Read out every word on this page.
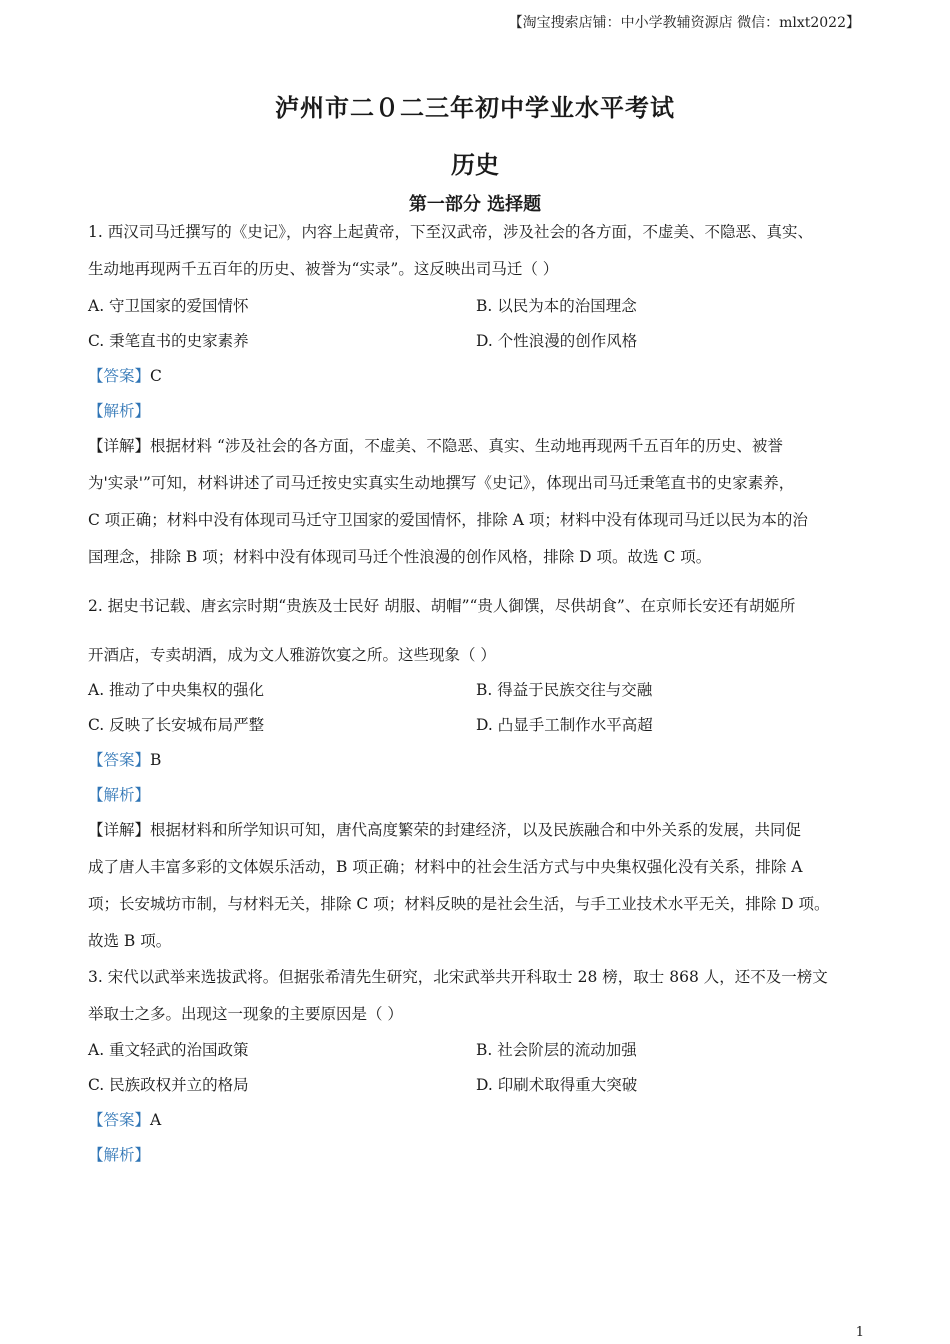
【淘宝搜索店铺：中小学教辅资源店 微信：mlxt2022】
泸州市二０二三年初中学业水平考试
历史
第一部分 选择题
1. 西汉司马迁撰写的《史记》，内容上起黄帝，下至汉武帝，涉及社会的各方面，不虚美、不隐恶、真实、
生动地再现两千五百年的历史、被誉为“实录”。这反映出司马迁（ ）
A. 守卫国家的爱国情怀	B. 以民为本的治国理念
C. 秉笔直书的史家素养	D. 个性浪漫的创作风格
【答案】C
【解析】
【详解】根据材料 “涉及社会的各方面，不虚美、不隐恶、真实、生动地再现两千五百年的历史、被誉
为'实录'”可知，材料讲述了司马迁按史实真实生动地撰写《史记》，体现出司马迁秉笔直书的史家素养，
C 项正确；材料中没有体现司马迁守卫国家的爱国情怀，排除 A 项；材料中没有体现司马迁以民为本的治
国理念，排除 B 项；材料中没有体现司马迁个性浪漫的创作风格，排除 D 项。故选 C 项。
2. 据史书记载、唐玄宗时期“贵族及士民好 胡服、胡帽”“贵人御馔，尽供胡食”、在京师长安还有胡姬所
开酒店，专卖胡酒，成为文人雅游饮宴之所。这些现象（ ）
A. 推动了中央集权的强化	B. 得益于民族交往与交融
C. 反映了长安城布局严整	D. 凸显手工制作水平高超
【答案】B
【解析】
【详解】根据材料和所学知识可知，唐代高度繁荣的封建经济，以及民族融合和中外关系的发展，共同促
成了唐人丰富多彩的文体娱乐活动，B 项正确；材料中的社会生活方式与中央集权强化没有关系，排除 A
项；长安城坊市制，与材料无关，排除 C 项；材料反映的是社会生活，与手工业技术水平无关，排除 D 项。
故选 B 项。
3. 宋代以武举来选拔武将。但据张希清先生研究，北宋武举共开科取士 28 榜，取士 868 人，还不及一榜文
举取士之多。出现这一现象的主要原因是（ ）
A. 重文轻武的治国政策	B. 社会阶层的流动加强
C. 民族政权并立的格局	D. 印刷术取得重大突破
【答案】A
【解析】
1
